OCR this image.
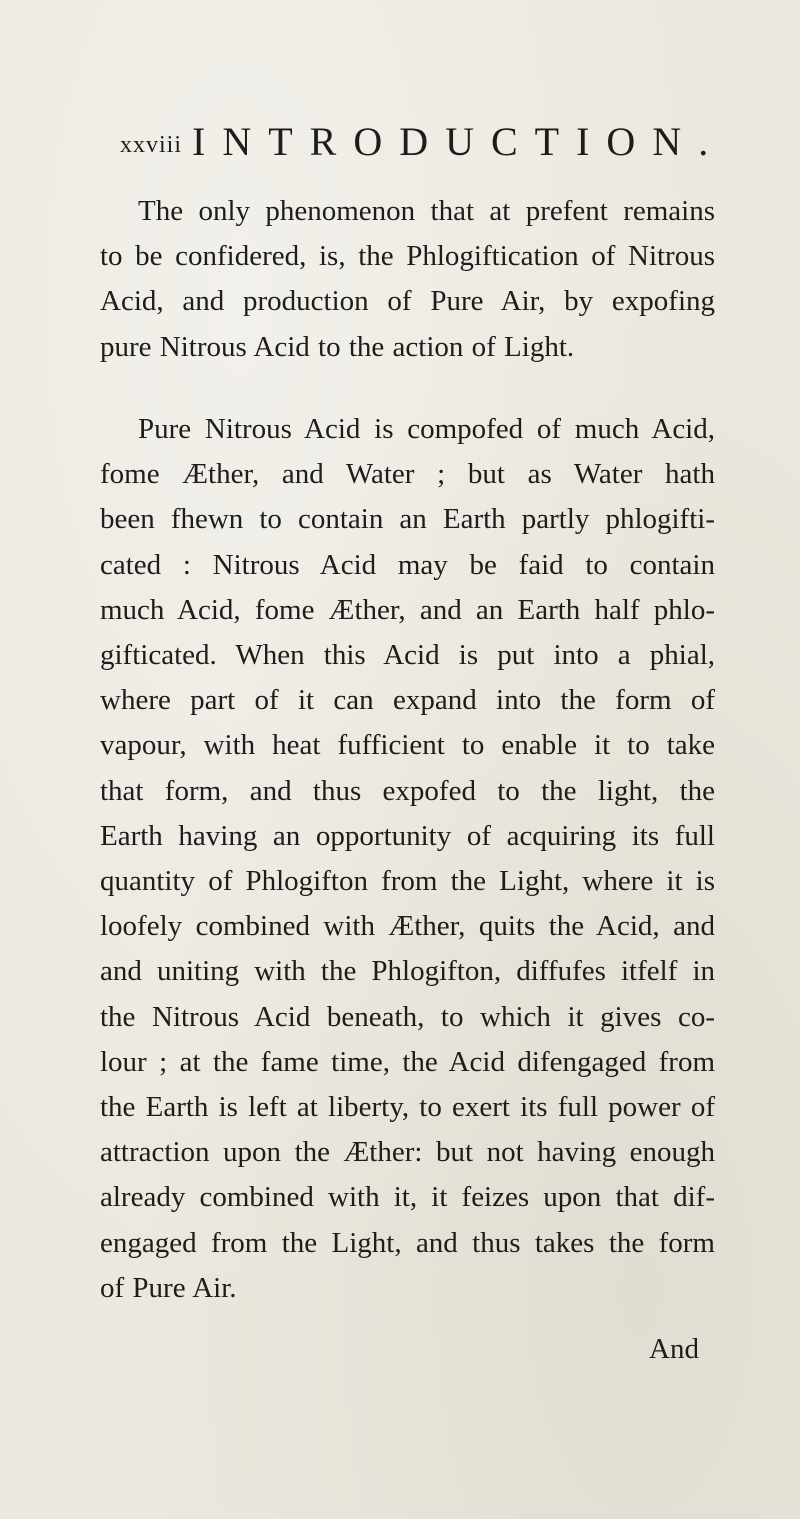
xxviii INTRODUCTION.
The only phenomenon that at prefent remains
to be confidered, is, the Phlogiftication of Nitrous
Acid, and production of Pure Air, by expofing
pure Nitrous Acid to the action of Light.
Pure Nitrous Acid is compofed of much Acid,
fome Æther, and Water ; but as Water hath
been fhewn to contain an Earth partly phlogifti-
cated : Nitrous Acid may be faid to contain
much Acid, fome Æther, and an Earth half phlo-
gifticated. When this Acid is put into a phial,
where part of it can expand into the form of
vapour, with heat fufficient to enable it to take
that form, and thus expofed to the light, the
Earth having an opportunity of acquiring its full
quantity of Phlogifton from the Light, where it is
loofely combined with Æther, quits the Acid, and
and uniting with the Phlogifton, diffufes itfelf in
the Nitrous Acid beneath, to which it gives co-
lour ; at the fame time, the Acid difengaged from
the Earth is left at liberty, to exert its full power of
attraction upon the Æther: but not having enough
already combined with it, it feizes upon that dif-
engaged from the Light, and thus takes the form
of Pure Air.
And
